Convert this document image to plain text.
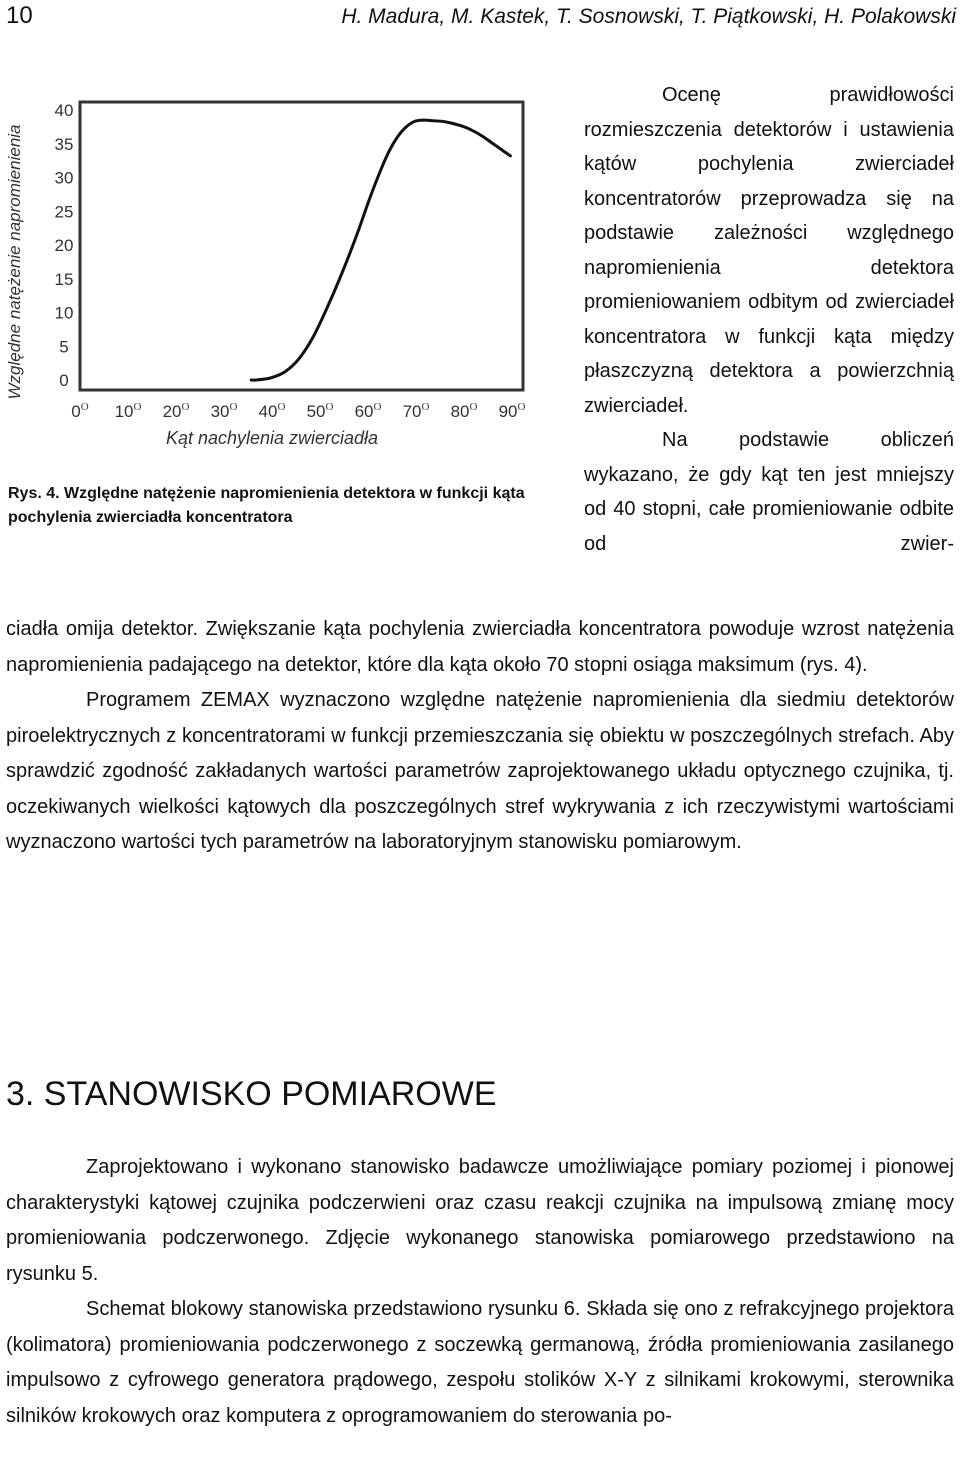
10	H. Madura, M. Kastek, T. Sosnowski, T. Piątkowski, H. Polakowski
40
35
30
25
20
15
10
5
0
$0^O$ $10^O$ $20^O$ $30^O$ $40^O$ $50^O$ $60^O$ $70^O$ $80^O$ $90^O$
Względne natężenie napromienienia
Kąt nachylenia zwierciadła
Rys. 4. Względne natężenie napromienienia detektora w funkcji kąta pochylenia zwierciadła koncentratora

Ocenę prawidłowości rozmieszczenia detektorów i ustawienia kątów pochylenia zwierciadeł koncentratorów przeprowadza się na podstawie zależności względnego napromienienia detektora promieniowaniem odbitym od zwierciadeł koncentratora w funkcji kąta między płaszczyzną detektora a powierzchnią zwierciadeł.

Na podstawie obliczeń wykazano, że gdy kąt ten jest mniejszy od 40 stopni, całe promieniowanie odbite od zwier-

ciadła omija detektor. Zwiększanie kąta pochylenia zwierciadła koncentratora powoduje wzrost natężenia napromienienia padającego na detektor, które dla kąta około 70 stopni osiąga maksimum (rys. 4).

Programem ZEMAX wyznaczono względne natężenie napromienienia dla siedmiu detektorów piroelektrycznych z koncentratorami w funkcji przemieszczania się obiektu w poszczególnych strefach. Aby sprawdzić zgodność zakładanych wartości parametrów zaprojektowanego układu optycznego czujnika, tj. oczekiwanych wielkości kątowych dla poszczególnych stref wykrywania z ich rzeczywistymi wartościami wyznaczono wartości tych parametrów na laboratoryjnym stanowisku pomiarowym.

3. STANOWISKO POMIAROWE

Zaprojektowano i wykonano stanowisko badawcze umożliwiające pomiary poziomej i pionowej charakterystyki kątowej czujnika podczerwieni oraz czasu reakcji czujnika na impulsową zmianę mocy promieniowania podczerwonego. Zdjęcie wykonanego stanowiska pomiarowego przedstawiono na rysunku 5.

Schemat blokowy stanowiska przedstawiono rysunku 6. Składa się ono z refrakcyjnego projektora (kolimatora) promieniowania podczerwonego z soczewką germanową, źródła promieniowania zasilanego impulsowo z cyfrowego generatora prądowego, zespołu stolików X-Y z silnikami krokowymi, sterownika silników krokowych oraz komputera z oprogramowaniem do sterowania po-
